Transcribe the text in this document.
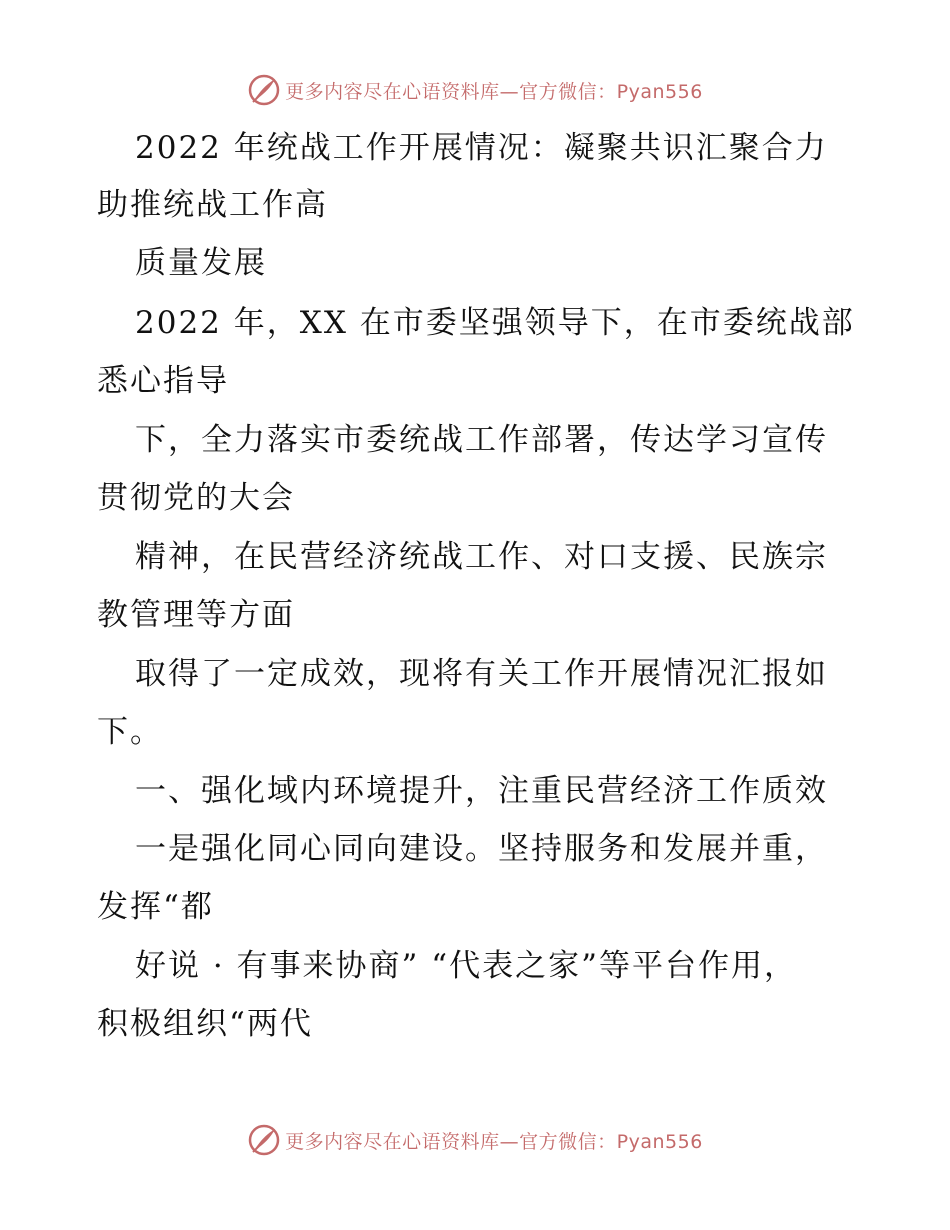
更多内容尽在心语资料库—官方微信：Pyan556
2022 年统战工作开展情况：凝聚共识汇聚合力
助推统战工作高
质量发展
2022 年，XX 在市委坚强领导下，在市委统战部
悉心指导
下，全力落实市委统战工作部署，传达学习宣传
贯彻党的大会
精神，在民营经济统战工作、对口支援、民族宗
教管理等方面
取得了一定成效，现将有关工作开展情况汇报如
下。
一、强化域内环境提升，注重民营经济工作质效
一是强化同心同向建设。坚持服务和发展并重，
发挥“都
好说 · 有事来协商” “代表之家”等平台作用，
积极组织“两代
更多内容尽在心语资料库—官方微信：Pyan556
